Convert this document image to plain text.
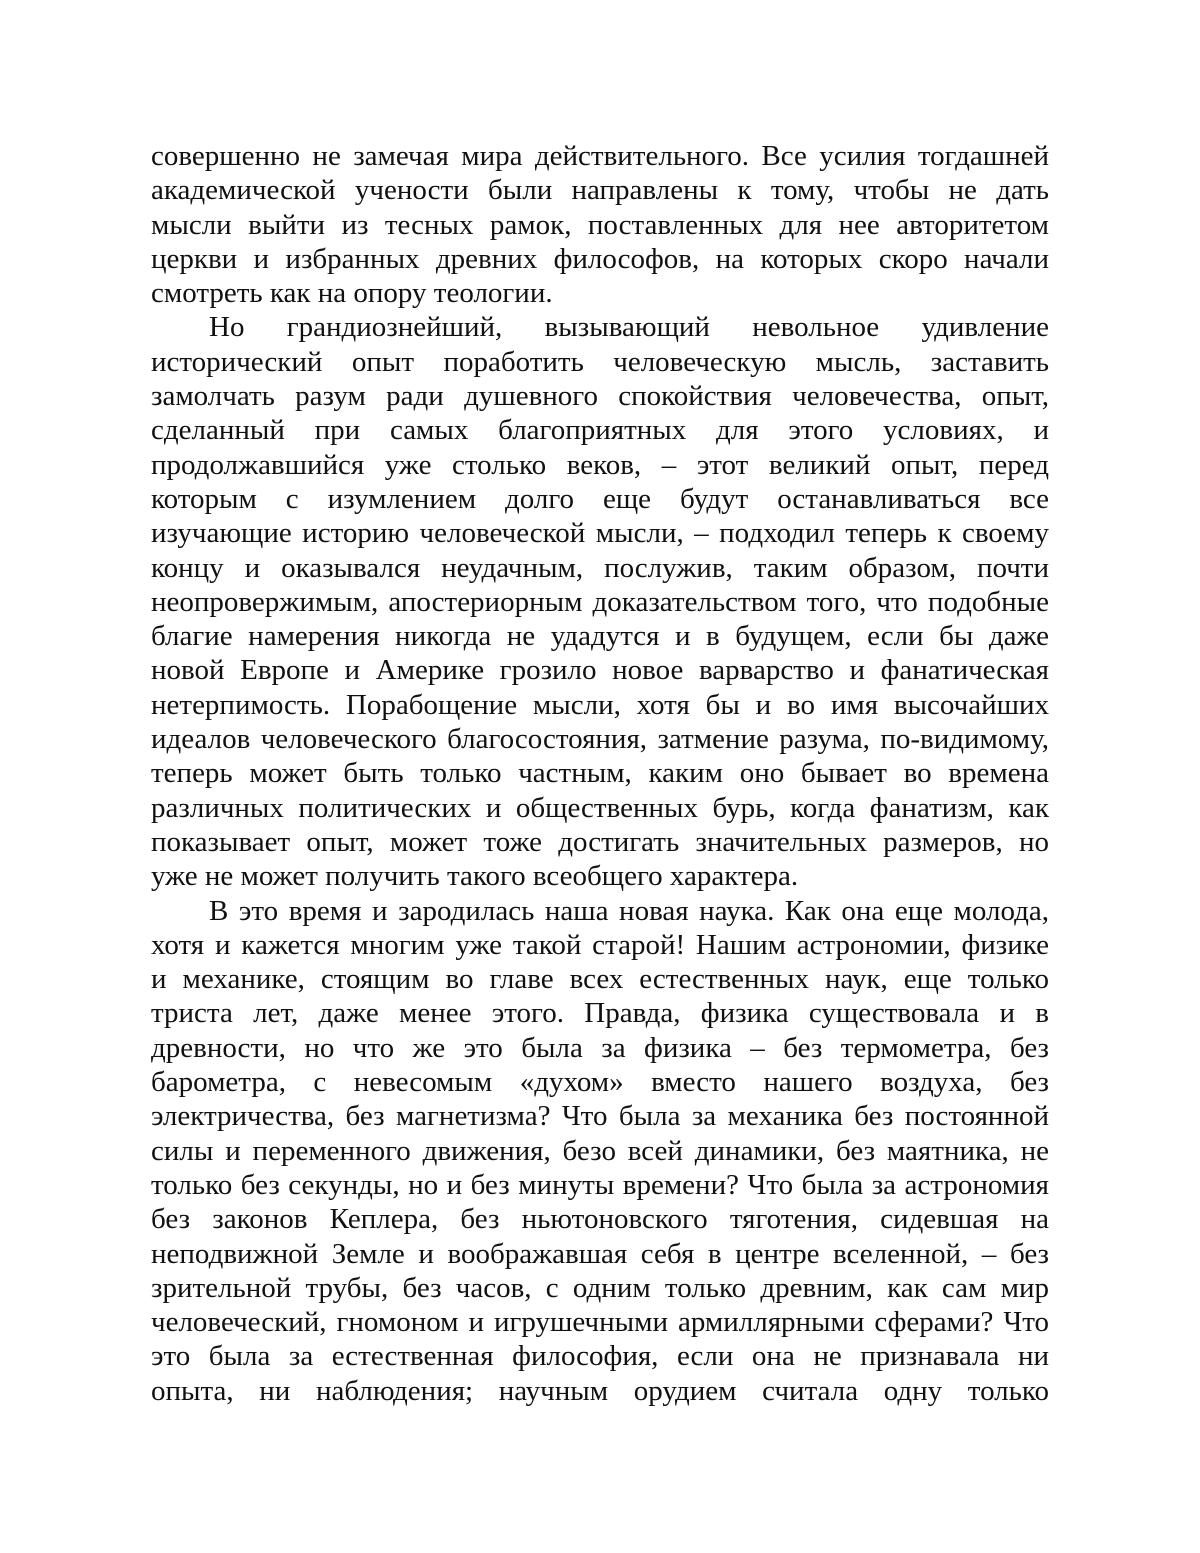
совершенно не замечая мира действительного. Все усилия тогдашней
академической учености были направлены к тому, чтобы не дать
мысли выйти из тесных рамок, поставленных для нее авторитетом
церкви и избранных древних философов, на которых скоро начали
смотреть как на опору теологии.
Но грандиознейший, вызывающий невольное удивление
исторический опыт поработить человеческую мысль, заставить
замолчать разум ради душевного спокойствия человечества, опыт,
сделанный при самых благоприятных для этого условиях, и
продолжавшийся уже столько веков, – этот великий опыт, перед
которым с изумлением долго еще будут останавливаться все
изучающие историю человеческой мысли, – подходил теперь к своему
концу и оказывался неудачным, послужив, таким образом, почти
неопровержимым, апостериорным доказательством того, что подобные
благие намерения никогда не удадутся и в будущем, если бы даже
новой Европе и Америке грозило новое варварство и фанатическая
нетерпимость. Порабощение мысли, хотя бы и во имя высочайших
идеалов человеческого благосостояния, затмение разума, по-видимому,
теперь может быть только частным, каким оно бывает во времена
различных политических и общественных бурь, когда фанатизм, как
показывает опыт, может тоже достигать значительных размеров, но
уже не может получить такого всеобщего характера.
В это время и зародилась наша новая наука. Как она еще молода,
хотя и кажется многим уже такой старой! Нашим астрономии, физике
и механике, стоящим во главе всех естественных наук, еще только
триста лет, даже менее этого. Правда, физика существовала и в
древности, но что же это была за физика – без термометра, без
барометра, с невесомым «духом» вместо нашего воздуха, без
электричества, без магнетизма? Что была за механика без постоянной
силы и переменного движения, безо всей динамики, без маятника, не
только без секунды, но и без минуты времени? Что была за астрономия
без законов Кеплера, без ньютоновского тяготения, сидевшая на
неподвижной Земле и воображавшая себя в центре вселенной, – без
зрительной трубы, без часов, с одним только древним, как сам мир
человеческий, гномоном и игрушечными армиллярными сферами? Что
это была за естественная философия, если она не признавала ни
опыта, ни наблюдения; научным орудием считала одну только
